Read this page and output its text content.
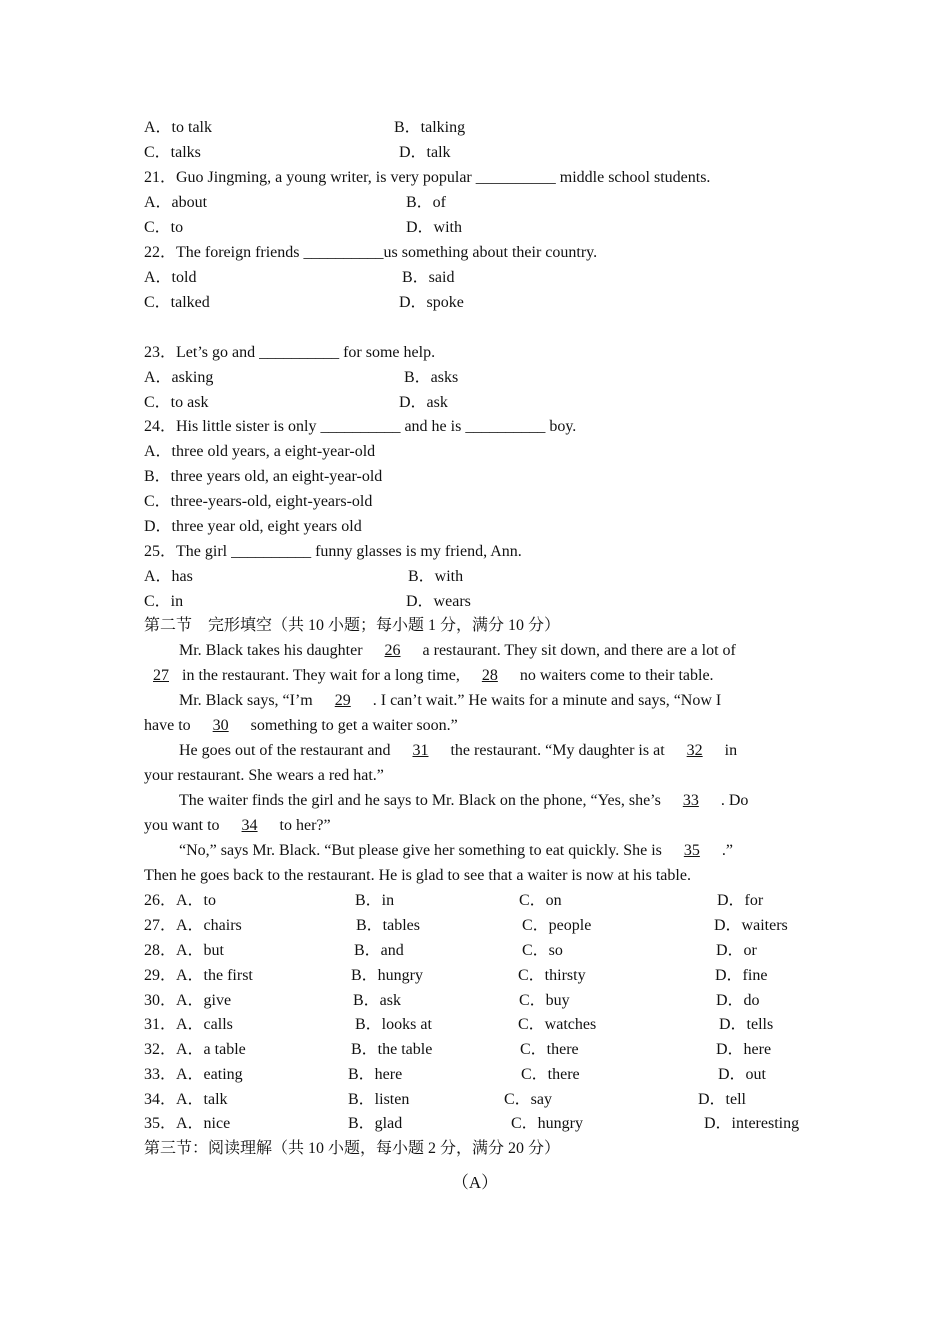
A．to talk	B．talking
C．talks	D．talk
21．Guo Jingming, a young writer, is very popular __________ middle school students.
A．about	B．of
C．to	D．with
22．The foreign friends __________us something about their country.
A．told	B．said
C．talked	D．spoke
23．Let’s go and __________ for some help.
A．asking	B．asks
C．to ask	D．ask
24．His little sister is only __________ and he is __________ boy.
A．three old years, a eight-year-old
B．three years old, an eight-year-old
C．three-years-old, eight-years-old
D．three year old, eight years old
25．The girl __________ funny glasses is my friend, Ann.
A．has	B．with
C．in	D．wears
第二节　完形填空（共 10 小题；每小题 1 分，满分 10 分）
Mr. Black takes his daughter 26 a restaurant. They sit down, and there are a lot of
27 in the restaurant. They wait for a long time, 28 no waiters come to their table.
Mr. Black says, “I’m 29 . I can’t wait.” He waits for a minute and says, “Now I
have to 30 something to get a waiter soon.”
He goes out of the restaurant and 31 the restaurant. “My daughter is at 32 in
your restaurant. She wears a red hat.”
The waiter finds the girl and he says to Mr. Black on the phone, “Yes, she’s 33 . Do
you want to 34 to her?”
“No,” says Mr. Black. “But please give her something to eat quickly. She is 35 .”
Then he goes back to the restaurant. He is glad to see that a waiter is now at his table.
26．A．to	B．in	C．on	D．for
27．A．chairs	B．tables	C．people	D．waiters
28．A．but	B．and	C．so	D．or
29．A．the first	B．hungry	C．thirsty	D．fine
30．A．give	B．ask	C．buy	D．do
31．A．calls	B．looks at	C．watches	D．tells
32．A．a table	B．the table	C．there	D．here
33．A．eating	B．here	C．there	D．out
34．A．talk	B．listen	C．say	D．tell
35．A．nice	B．glad	C．hungry	D．interesting
第三节：阅读理解（共 10 小题，每小题 2 分，满分 20 分）
（A）
